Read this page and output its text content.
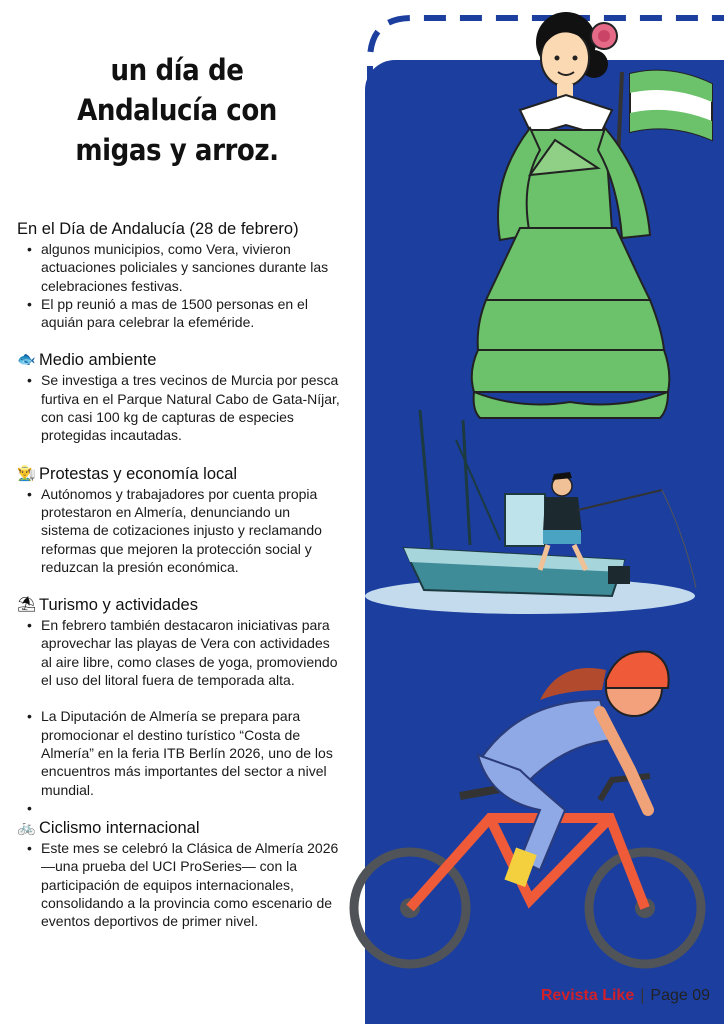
un día de Andalucía con migas y arroz.
En el Día de Andalucía (28 de febrero)
• algunos municipios, como Vera, vivieron actuaciones policiales y sanciones durante las celebraciones festivas.
• El pp reunió a mas de 1500 personas en el aquián para celebrar la efeméride.
🐟 Medio ambiente
• Se investiga a tres vecinos de Murcia por pesca furtiva en el Parque Natural Cabo de Gata-Níjar, con casi 100 kg de capturas de especies protegidas incautadas.
👨‍🌾 Protestas y economía local
• Autónomos y trabajadores por cuenta propia protestaron en Almería, denunciando un sistema de cotizaciones injusto y reclamando reformas que mejoren la protección social y reduzcan la presión económica.
⛱ Turismo y actividades
• En febrero también destacaron iniciativas para aprovechar las playas de Vera con actividades al aire libre, como clases de yoga, promoviendo el uso del litoral fuera de temporada alta.
• La Diputación de Almería se prepara para promocionar el destino turístico “Costa de Almería” en la feria ITB Berlín 2026, uno de los encuentros más importantes del sector a nivel mundial.
•
🚲 Ciclismo internacional
• Este mes se celebró la Clásica de Almería 2026 —una prueba del UCI ProSeries— con la participación de equipos internacionales, consolidando a la provincia como escenario de eventos deportivos de primer nivel.
Revista Like | Page 09
